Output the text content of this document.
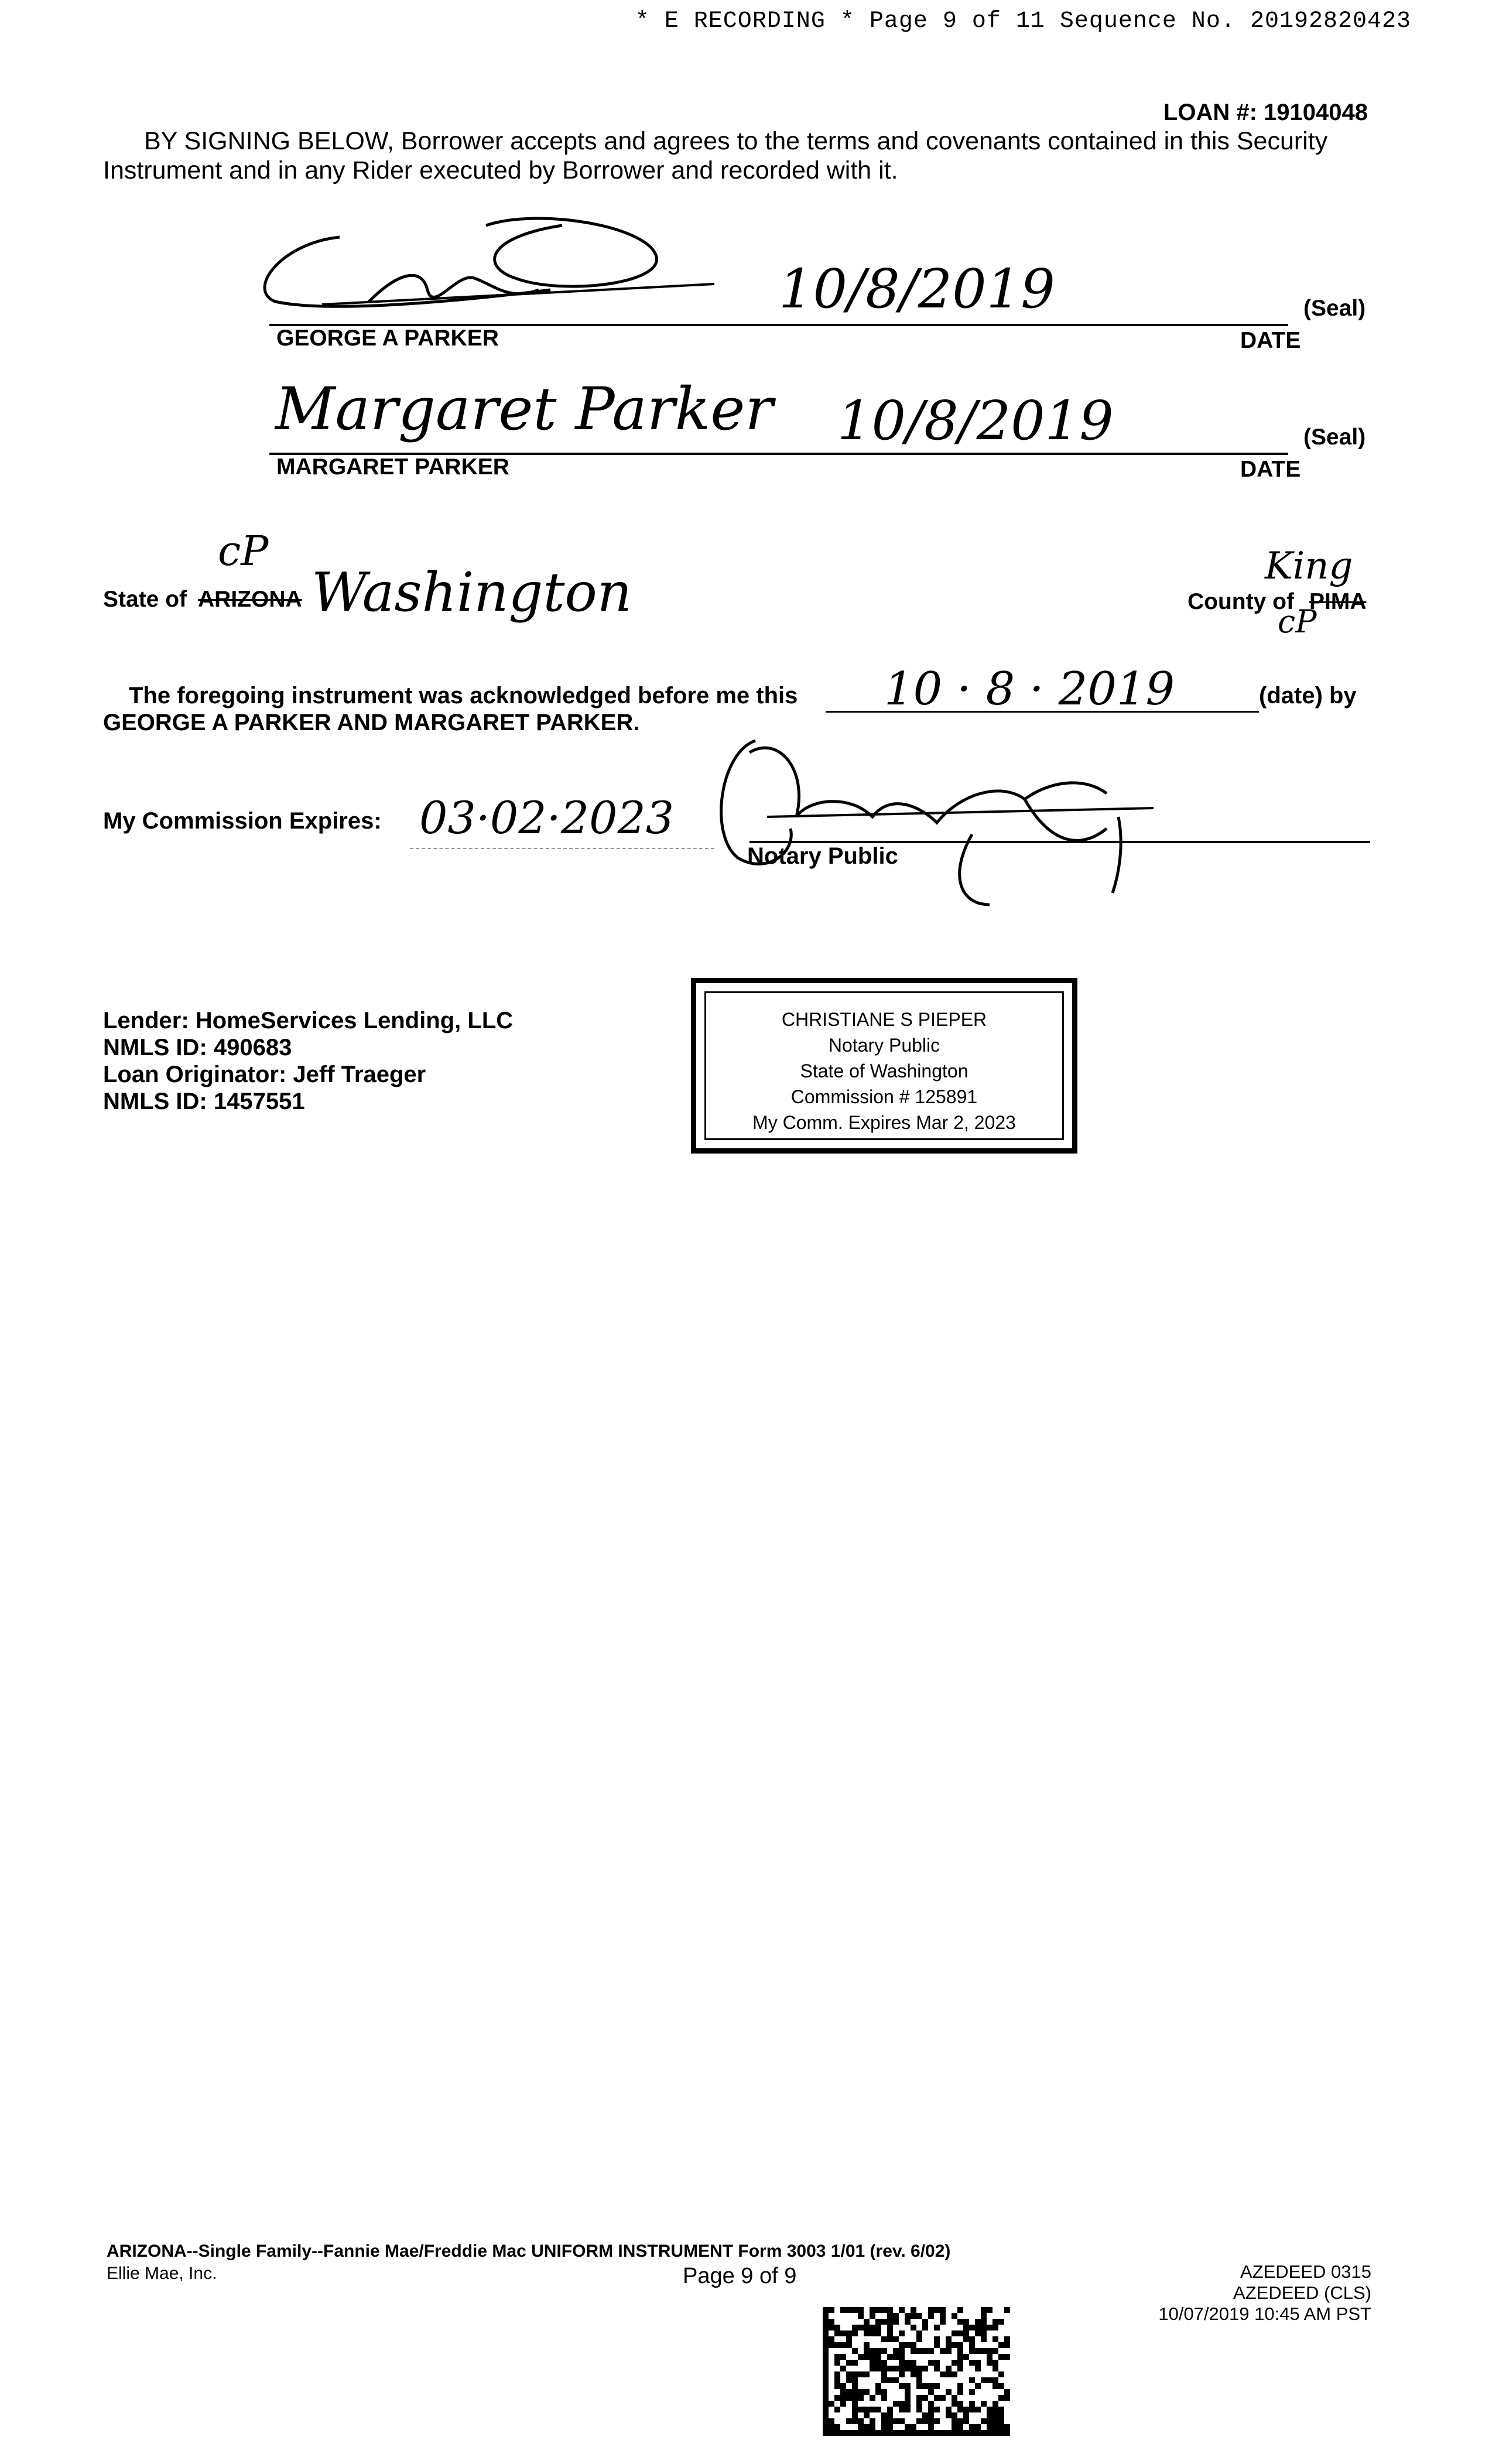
* E RECORDING * Page 9 of 11 Sequence No. 20192820423
LOAN #: 19104048
BY SIGNING BELOW, Borrower accepts and agrees to the terms and covenants contained in this Security Instrument and in any Rider executed by Borrower and recorded with it.
10/8/2019	(Seal)
GEORGE A PARKER	DATE
Margaret Parker 10/8/2019	(Seal)
MARGARET PARKER	DATE
cP
State of ARIZONA Washington	King
County of PIMA
cP
The foregoing instrument was acknowledged before me this 10 · 8 · 2019	(date) by
GEORGE A PARKER AND MARGARET PARKER.
My Commission Expires: 03·02·2023
Notary Public
CHRISTIANE S PIEPER
Notary Public
State of Washington
Commission # 125891
My Comm. Expires Mar 2, 2023
Lender: HomeServices Lending, LLC
NMLS ID: 490683
Loan Originator: Jeff Traeger
NMLS ID: 1457551
ARIZONA--Single Family--Fannie Mae/Freddie Mac UNIFORM INSTRUMENT Form 3003 1/01 (rev. 6/02)
Ellie Mae, Inc.	Page 9 of 9	AZEDEED 0315
AZEDEED (CLS)
10/07/2019 10:45 AM PST
